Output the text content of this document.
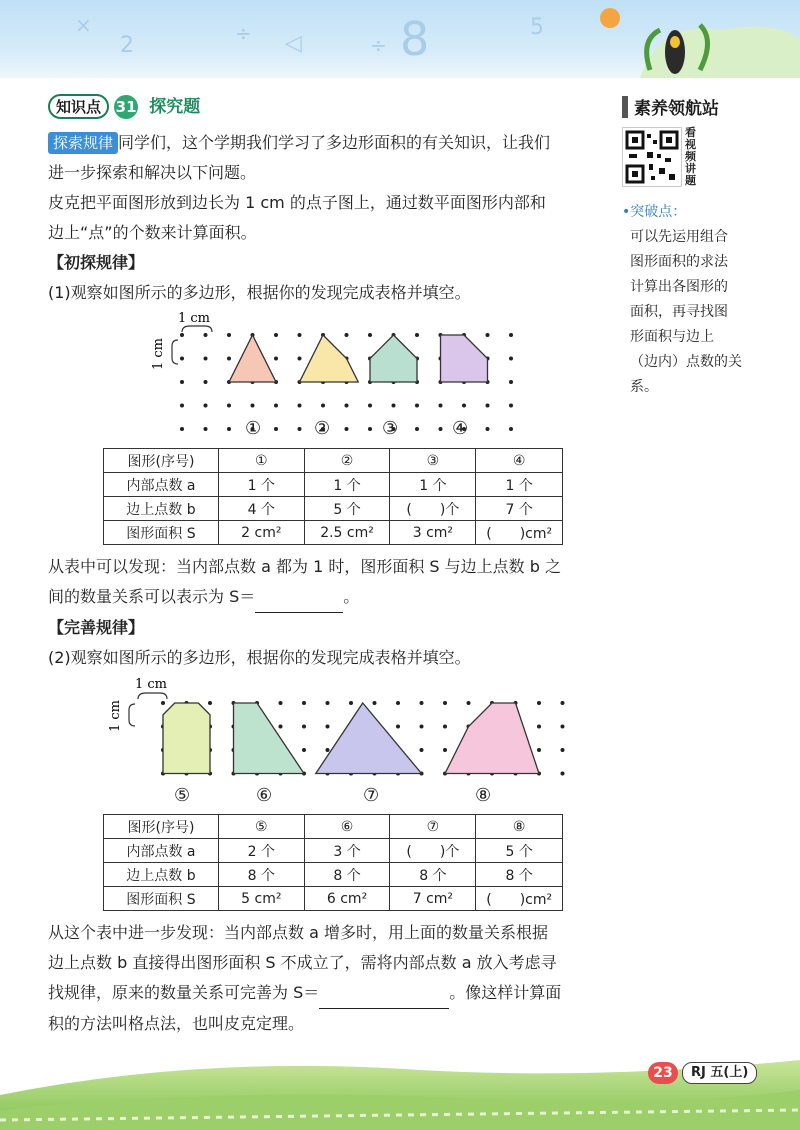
×
2	÷ ◁	÷ 8	5
知识点 31 探究题
探索规律 同学们，这个学期我们学习了多边形面积的有关知识，让我们
进一步探索和解决以下问题。
皮克把平面图形放到边长为 1 cm 的点子图上，通过数平面图形内部和
边上“点”的个数来计算面积。
【初探规律】
(1)观察如图所示的多边形，根据你的发现完成表格并填空。
1 cm
1 cm
①	②	③	④
图形(序号)	①	②	③	④
内部点数 a	1 个	1 个	1 个	1 个
边上点数 b	4 个	5 个	(　　)个	7 个
图形面积 S	2 cm²	2.5 cm²	3 cm²	(　　)cm²
从表中可以发现：当内部点数 a 都为 1 时，图形面积 S 与边上点数 b 之
间的数量关系可以表示为 S＝	。
【完善规律】
(2)观察如图所示的多边形，根据你的发现完成表格并填空。
1 cm
1 cm
⑤	⑥	⑦	⑧
图形(序号)	⑤	⑥	⑦	⑧
内部点数 a	2 个	3 个	(　　)个	5 个
边上点数 b	8 个	8 个	8 个	8 个
图形面积 S	5 cm²	6 cm²	7 cm²	(　　)cm²
从这个表中进一步发现：当内部点数 a 增多时，用上面的数量关系根据
边上点数 b 直接得出图形面积 S 不成立了，需将内部点数 a 放入考虑寻
找规律，原来的数量关系可完善为 S＝	。像这样计算面
积的方法叫格点法，也叫皮克定理。
素养领航站
看
视
频
讲
题
•突破点：
可以先运用组合
图形面积的求法
计算出各图形的
面积，再寻找图
形面积与边上
（边内）点数的关
系。
23	RJ 五(上)
